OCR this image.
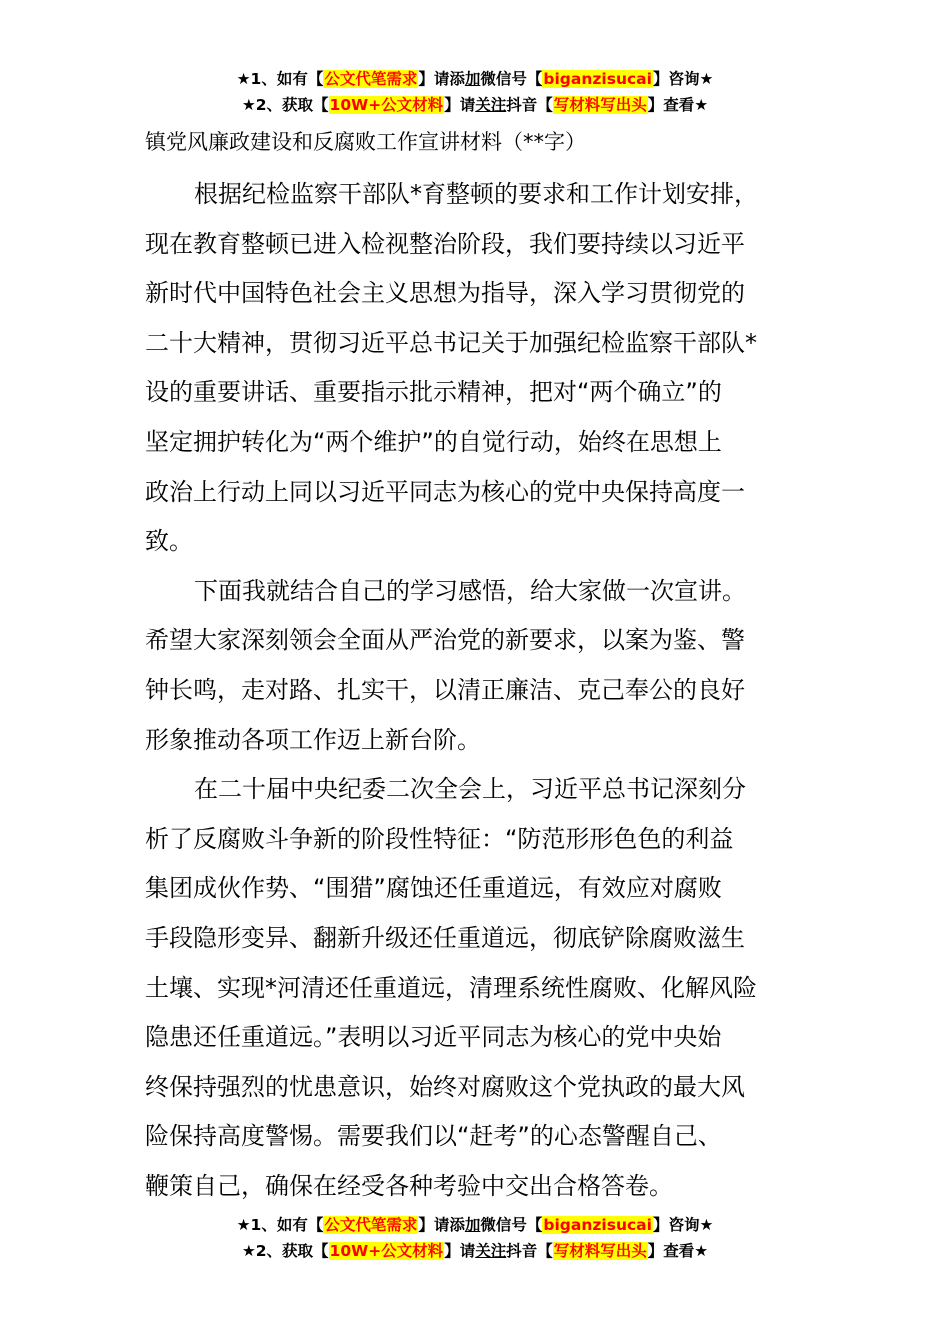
★1、如有【公文代笔需求】请添加微信号【biganzisucai】咨询★
★2、获取【10W+公文材料】请关注抖音【写材料写出头】查看★

镇党风廉政建设和反腐败工作宣讲材料（**字）

根据纪检监察干部队*育整顿的要求和工作计划安排，
现在教育整顿已进入检视整治阶段，我们要持续以习近平
新时代中国特色社会主义思想为指导，深入学习贯彻党的
二十大精神，贯彻习近平总书记关于加强纪检监察干部队*
设的重要讲话、重要指示批示精神，把对“两个确立”的
坚定拥护转化为“两个维护”的自觉行动，始终在思想上
政治上行动上同以习近平同志为核心的党中央保持高度一
致。
下面我就结合自己的学习感悟，给大家做一次宣讲。
希望大家深刻领会全面从严治党的新要求，以案为鉴、警
钟长鸣，走对路、扎实干，以清正廉洁、克己奉公的良好
形象推动各项工作迈上新台阶。
在二十届中央纪委二次全会上，习近平总书记深刻分
析了反腐败斗争新的阶段性特征：“防范形形色色的利益
集团成伙作势、“围猎”腐蚀还任重道远，有效应对腐败
手段隐形变异、翻新升级还任重道远，彻底铲除腐败滋生
土壤、实现*河清还任重道远，清理系统性腐败、化解风险
隐患还任重道远。”表明以习近平同志为核心的党中央始
终保持强烈的忧患意识，始终对腐败这个党执政的最大风
险保持高度警惕。需要我们以“赶考”的心态警醒自己、
鞭策自己，确保在经受各种考验中交出合格答卷。
★1、如有【公文代笔需求】请添加微信号【biganzisucai】咨询★
★2、获取【10W+公文材料】请关注抖音【写材料写出头】查看★
